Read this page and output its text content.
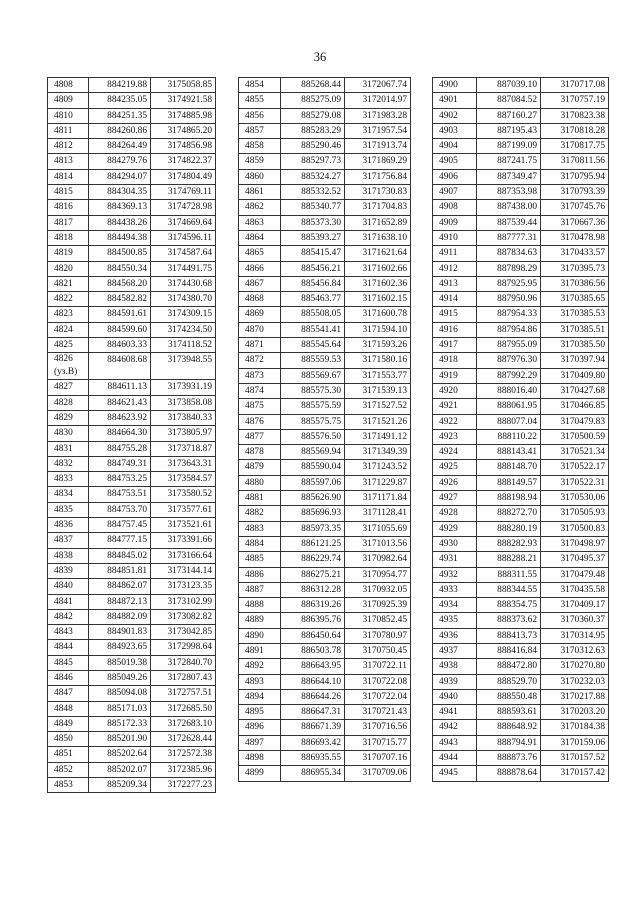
36
4808	884219.88	3175058.85
4809	884235.05	3174921.58
4810	884251.35	3174885.98
4811	884260.86	3174865.20
4812	884264.49	3174856.98
4813	884279.76	3174822.37
4814	884294.07	3174804.49
4815	884304.35	3174769.11
4816	884369.13	3174728.98
4817	884438.26	3174669.64
4818	884494.38	3174596.11
4819	884500.85	3174587.64
4820	884550.34	3174491.75
4821	884568.20	3174430.68
4822	884582.82	3174380.70
4823	884591.61	3174309.15
4824	884599.60	3174234.50
4825	884603.33	3174118.52
4826 (уз.В)	884608.68	3173948.55
4827	884611.13	3173931.19
4828	884621.43	3173858.08
4829	884623.92	3173840.33
4830	884664.30	3173805.97
4831	884755.28	3173718.87
4832	884749.31	3173643.31
4833	884753.25	3173584.57
4834	884753.51	3173580.52
4835	884753.70	3173577.61
4836	884757.45	3173521.61
4837	884777.15	3173391.66
4838	884845.02	3173166.64
4839	884851.81	3173144.14
4840	884862.07	3173123.35
4841	884872.13	3173102.99
4842	884882.09	3173082.82
4843	884901.83	3173042.85
4844	884923.65	3172998.64
4845	885019.38	3172840.70
4846	885049.26	3172807.43
4847	885094.08	3172757.51
4848	885171.03	3172685.50
4849	885172.33	3172683.10
4850	885201.90	3172628.44
4851	885202.64	3172572.38
4852	885202.07	3172385.96
4853	885209.34	3172277.23
4854	885268.44	3172067.74
4855	885275.09	3172014.97
4856	885279.08	3171983.28
4857	885283.29	3171957.54
4858	885290.46	3171913.74
4859	885297.73	3171869.29
4860	885324.27	3171756.84
4861	885332.52	3171730.83
4862	885340.77	3171704.83
4863	885373.30	3171652.89
4864	885393.27	3171638.10
4865	885415.47	3171621.64
4866	885456.21	3171602.66
4867	885456.84	3171602.36
4868	885463.77	3171602.15
4869	885508.05	3171600.78
4870	885541.41	3171594.10
4871	885545.64	3171593.26
4872	885559.53	3171580.16
4873	885569.67	3171553.77
4874	885575.30	3171539.13
4875	885575.59	3171527.52
4876	885575.75	3171521.26
4877	885576.50	3171491.12
4878	885569.94	3171349.39
4879	885590.04	3171243.52
4880	885597.06	3171229.87
4881	885626.90	3171171.84
4882	885696.93	3171128.41
4883	885973.35	3171055.69
4884	886121.25	3171013.56
4885	886229.74	3170982.64
4886	886275.21	3170954.77
4887	886312.28	3170932.05
4888	886319.26	3170925.39
4889	886395.76	3170852.45
4890	886450.64	3170780.97
4891	886503.78	3170750.45
4892	886643.95	3170722.11
4893	886644.10	3170722.08
4894	886644.26	3170722.04
4895	886647.31	3170721.43
4896	886671.39	3170716.56
4897	886693.42	3170715.77
4898	886935.55	3170707.16
4899	886955.34	3170709.06
4900	887039.10	3170717.08
4901	887084.52	3170757.19
4902	887160.27	3170823.38
4903	887195.43	3170818.28
4904	887199.09	3170817.75
4905	887241.75	3170811.56
4906	887349.47	3170795.94
4907	887353.98	3170793.39
4908	887438.00	3170745.76
4909	887539.44	3170667.36
4910	887777.31	3170478.98
4911	887834.63	3170433.57
4912	887898.29	3170395.73
4913	887925.95	3170386.56
4914	887950.96	3170385.65
4915	887954.33	3170385.53
4916	887954.86	3170385.51
4917	887955.09	3170385.50
4918	887976.30	3170397.94
4919	887992.29	3170409.80
4920	888016.40	3170427.68
4921	888061.95	3170466.85
4922	888077.04	3170479.83
4923	888110.22	3170500.59
4924	888143.41	3170521.34
4925	888148.70	3170522.17
4926	888149.57	3170522.31
4927	888198.94	3170530.06
4928	888272.70	3170505.93
4929	888280.19	3170500.83
4930	888282.93	3170498.97
4931	888288.21	3170495.37
4932	888311.55	3170479.48
4933	888344.55	3170435.58
4934	888354.75	3170409.17
4935	888373.62	3170360.37
4936	888413.73	3170314.95
4937	888416.84	3170312.63
4938	888472.80	3170270.80
4939	888529.70	3170232.03
4940	888550.48	3170217.88
4941	888593.61	3170203.20
4942	888648.92	3170184.38
4943	888794.91	3170159.06
4944	888873.76	3170157.52
4945	888878.64	3170157.42
